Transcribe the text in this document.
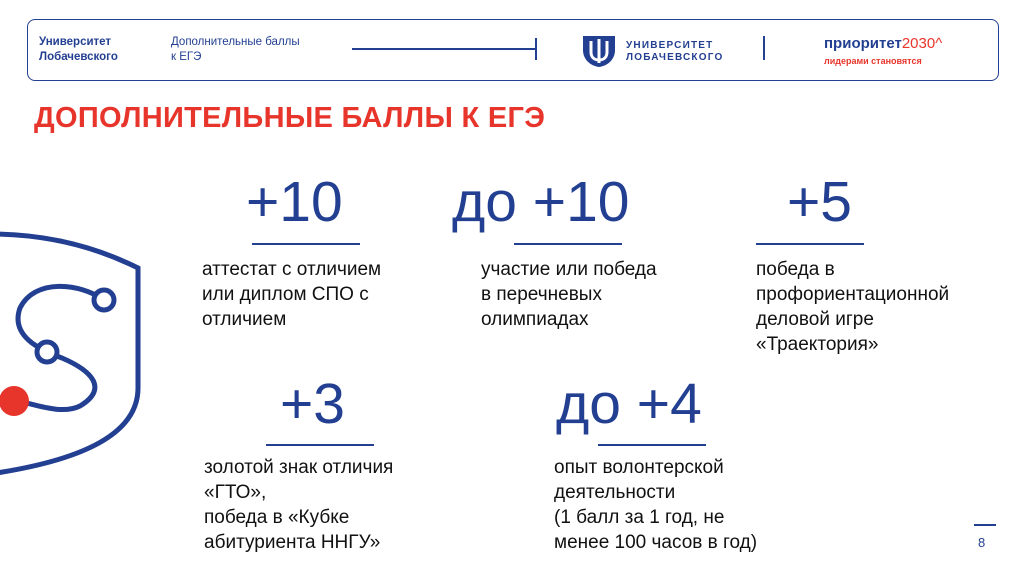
Университет
Лобачевского
Дополнительные баллы
к ЕГЭ
УНИВЕРСИТЕТ
ЛОБАЧЕВСКОГО
приоритет2030^
лидерами становятся
ДОПОЛНИТЕЛЬНЫЕ БАЛЛЫ К ЕГЭ
+10
аттестат с отличием
или диплом СПО с
отличием
до +10
участие или победа
в перечневых
олимпиадах
+5
победа в
профориентационной
деловой игре
«Траектория»
+3
золотой знак отличия
«ГТО»,
победа в «Кубке
абитуриента ННГУ»
до +4
опыт волонтерской
деятельности
(1 балл за 1 год, не
менее 100 часов в год)	8
